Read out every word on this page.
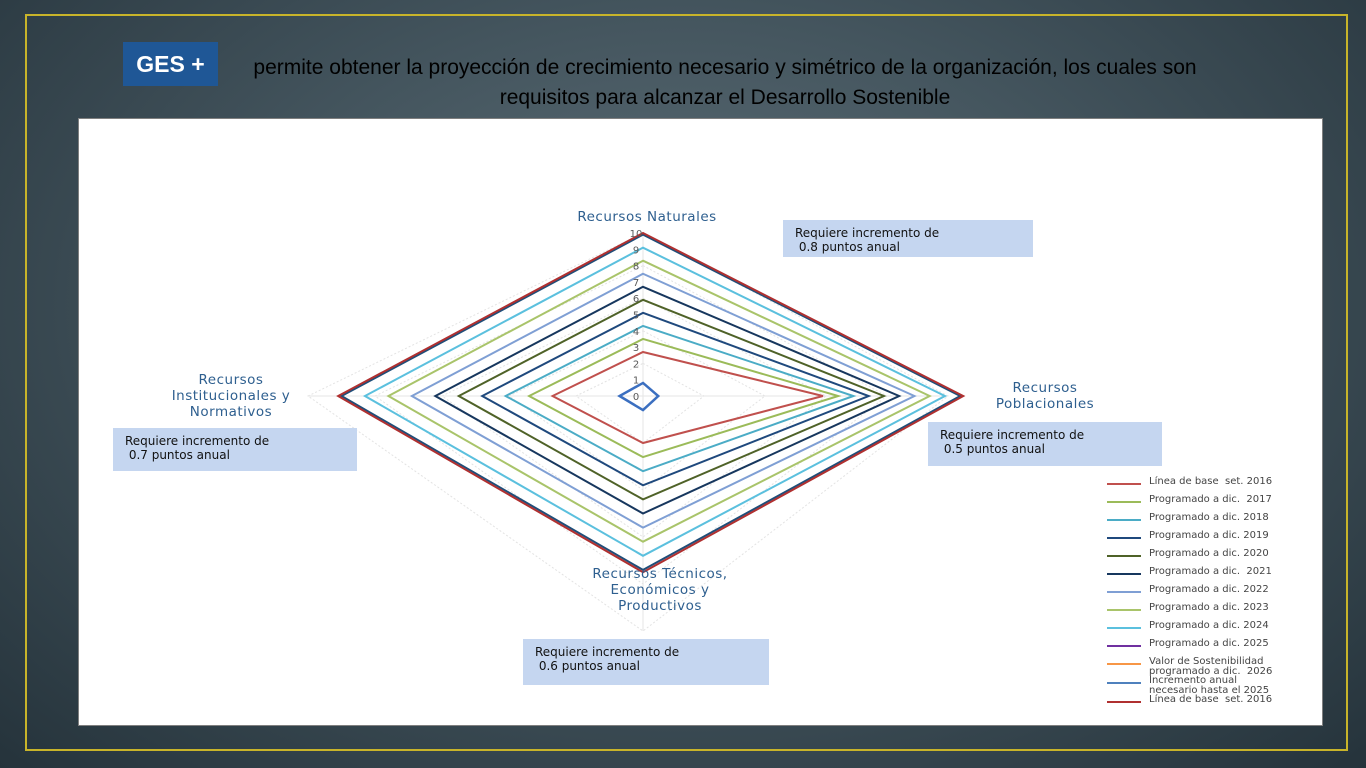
GES +	permite obtener la proyección de crecimiento necesario y simétrico de la organización, los cuales son requisitos para alcanzar el Desarrollo Sostenible
0
1
2
3
4
5
6
7
8
9
10
Recursos Naturales
Recursos Poblacionales
Recursos Técnicos, Económicos y Productivos
Recursos Institucionales y Normativos
Requiere incremento de
0.8 puntos anual
Requiere incremento de
0.5 puntos anual
Requiere incremento de
0.7 puntos anual
Requiere incremento de
0.6 puntos anual
Línea de base  set. 2016
Programado a dic.  2017
Programado a dic. 2018
Programado a dic. 2019
Programado a dic. 2020
Programado a dic.  2021
Programado a dic. 2022
Programado a dic. 2023
Programado a dic. 2024
Programado a dic. 2025
Valor de Sostenibilidad
programado a dic.  2026
Incremento anual
necesario hasta el 2025
Línea de base  set. 2016
